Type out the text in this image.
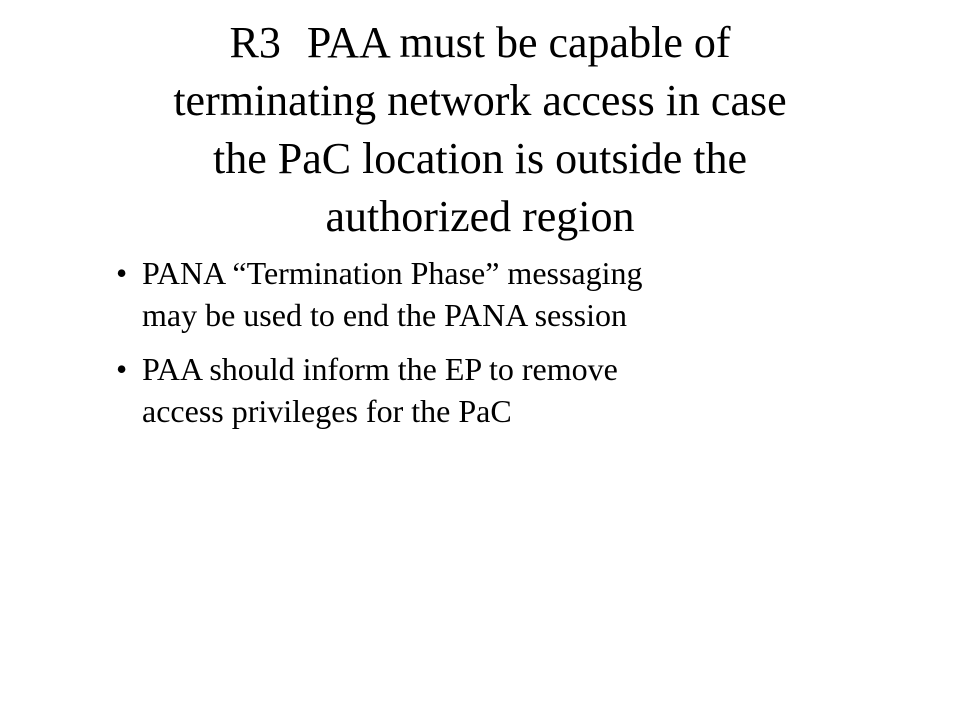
R3 PAA must be capable of
terminating network access in case
the PaC location is outside the
authorized region
• PANA “Termination Phase” messaging
may be used to end the PANA session
• PAA should inform the EP to remove
access privileges for the PaC
